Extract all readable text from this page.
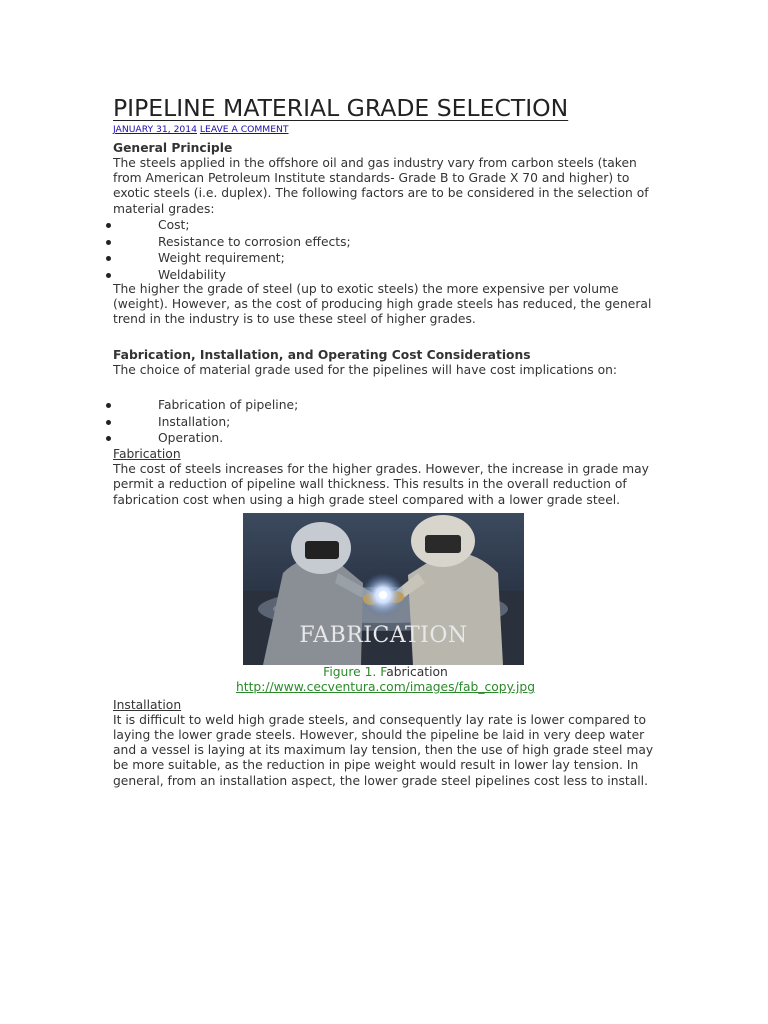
PIPELINE MATERIAL GRADE SELECTION
JANUARY 31, 2014 LEAVE A COMMENT
General Principle

The steels applied in the offshore oil and gas industry vary from carbon steels (taken from American Petroleum Institute standards- Grade B to Grade X 70 and higher) to exotic steels (i.e. duplex). The following factors are to be considered in the selection of material grades:

Cost;
Resistance to corrosion effects;
Weight requirement;
Weldability

The higher the grade of steel (up to exotic steels) the more expensive per volume (weight). However, as the cost of producing high grade steels has reduced, the general trend in the industry is to use these steel of higher grades.

Fabrication, Installation, and Operating Cost Considerations

The choice of material grade used for the pipelines will have cost implications on:

Fabrication of pipeline;
Installation;
Operation.
Fabrication

The cost of steels increases for the higher grades. However, the increase in grade may permit a reduction of pipeline wall thickness. This results in the overall reduction of fabrication cost when using a high grade steel compared with a lower grade steel.

FABRICATION
Figure 1. Fabrication
http://www.cecventura.com/images/fab_copy.jpg
Installation

It is difficult to weld high grade steels, and consequently lay rate is lower compared to laying the lower grade steels. However, should the pipeline be laid in very deep water and a vessel is laying at its maximum lay tension, then the use of high grade steel may be more suitable, as the reduction in pipe weight would result in lower lay tension. In general, from an installation aspect, the lower grade steel pipelines cost less to install.
